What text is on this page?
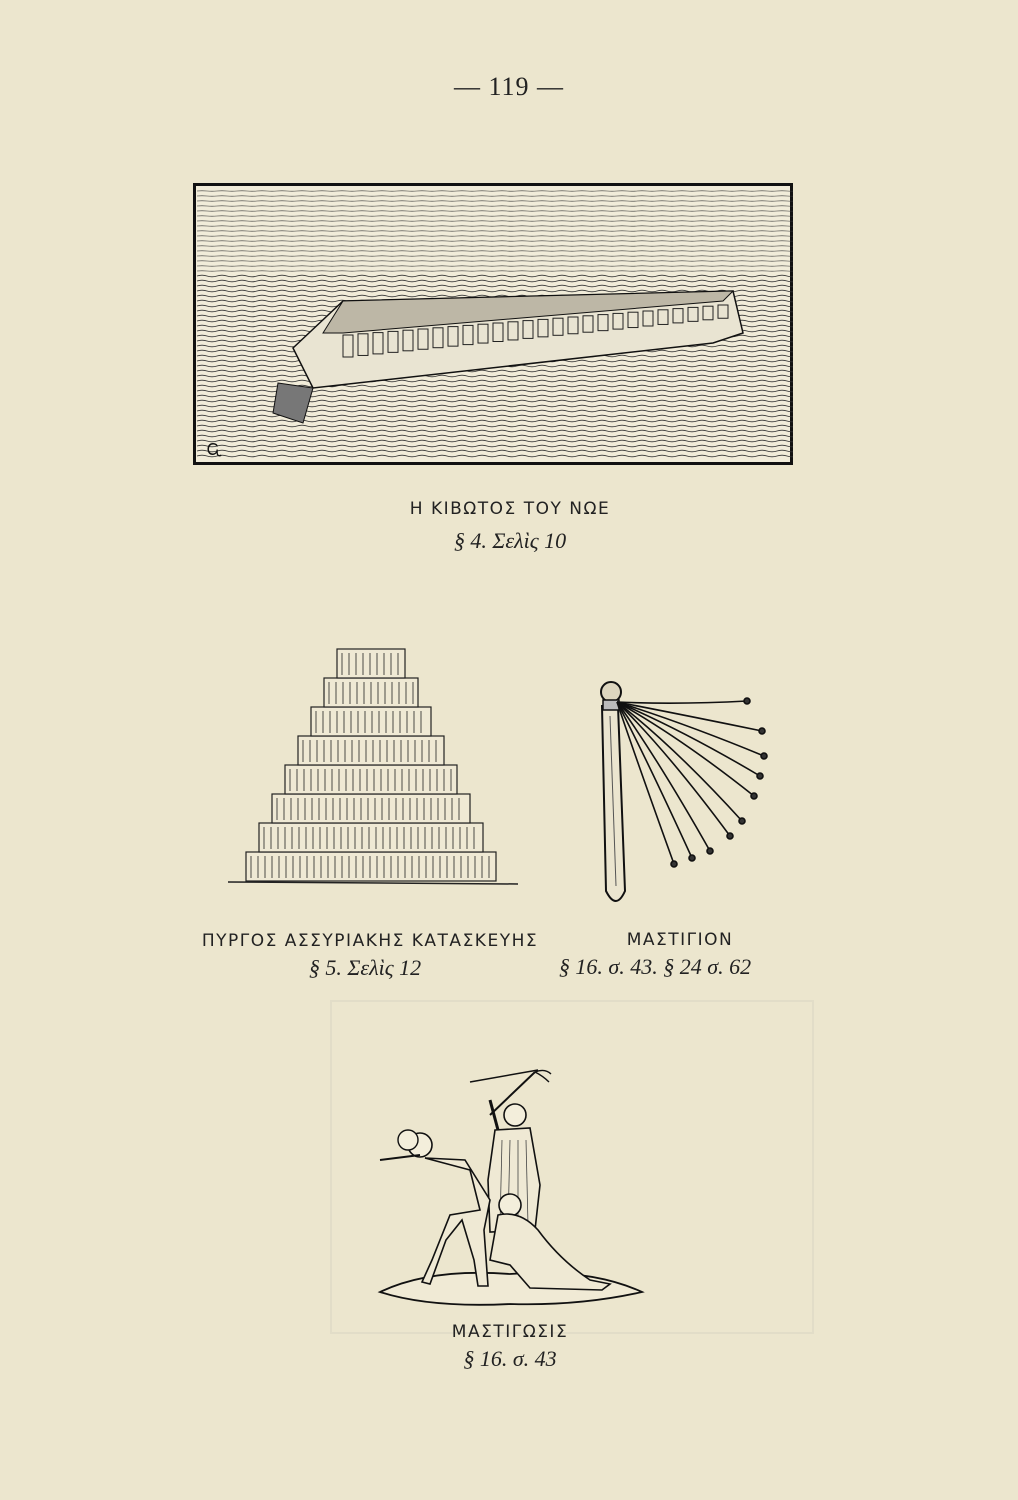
— 119 —
Ꮹ
Η ΚΙΒΩΤΟΣ ΤΟΥ ΝΩΕ
§ 4. Σελὶς 10
ΠΥΡΓΟΣ ΑΣΣΥΡΙΑΚΗΣ ΚΑΤΑΣΚΕΥΗΣ
§ 5. Σελὶς 12
ΜΑΣΤΙΓΙΟΝ
§ 16. σ. 43. § 24 σ. 62
ΜΑΣΤΙΓΩΣΙΣ
§ 16. σ. 43
